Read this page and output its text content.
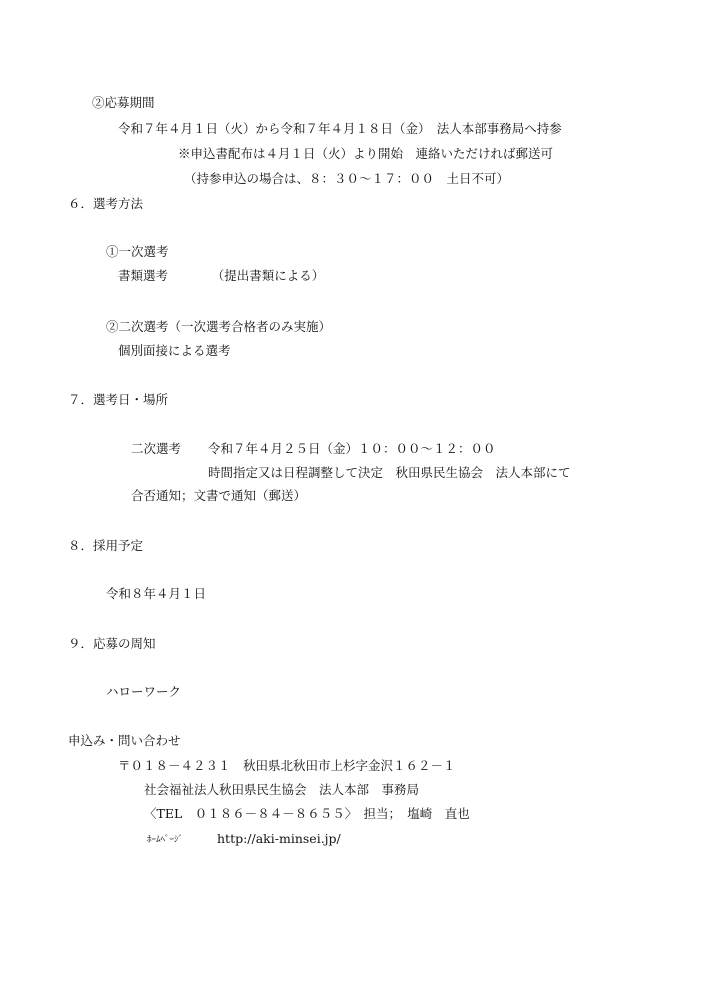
②応募期間
令和７年４月１日（火）から令和７年４月１８日（金）　法人本部事務局へ持参
※申込書配布は４月１日（火）より開始　連絡いただければ郵送可
（持参申込の場合は、８：３０～１７：００　土日不可）
６．選考方法
①一次選考
書類選考　　　　（提出書類による）
②二次選考（一次選考合格者のみ実施）
個別面接による選考
７．選考日・場所
二次選考 令和７年４月２５日（金）１０：００～１２：００
時間指定又は日程調整して決定　秋田県民生協会　法人本部にて
合否通知；文書で通知（郵送）
８．採用予定
令和８年４月１日
９．応募の周知
ハローワーク
申込み・問い合わせ
〒０１８－４２３１　秋田県北秋田市上杉字金沢１６２－１
社会福祉法人秋田県民生協会　法人本部　事務局
〈TEL　０１８６－８４－８６５５〉　担当；　塩崎　直也
ﾎｰﾑﾍﾟｰｼﾞ	http://aki-minsei.jp/
